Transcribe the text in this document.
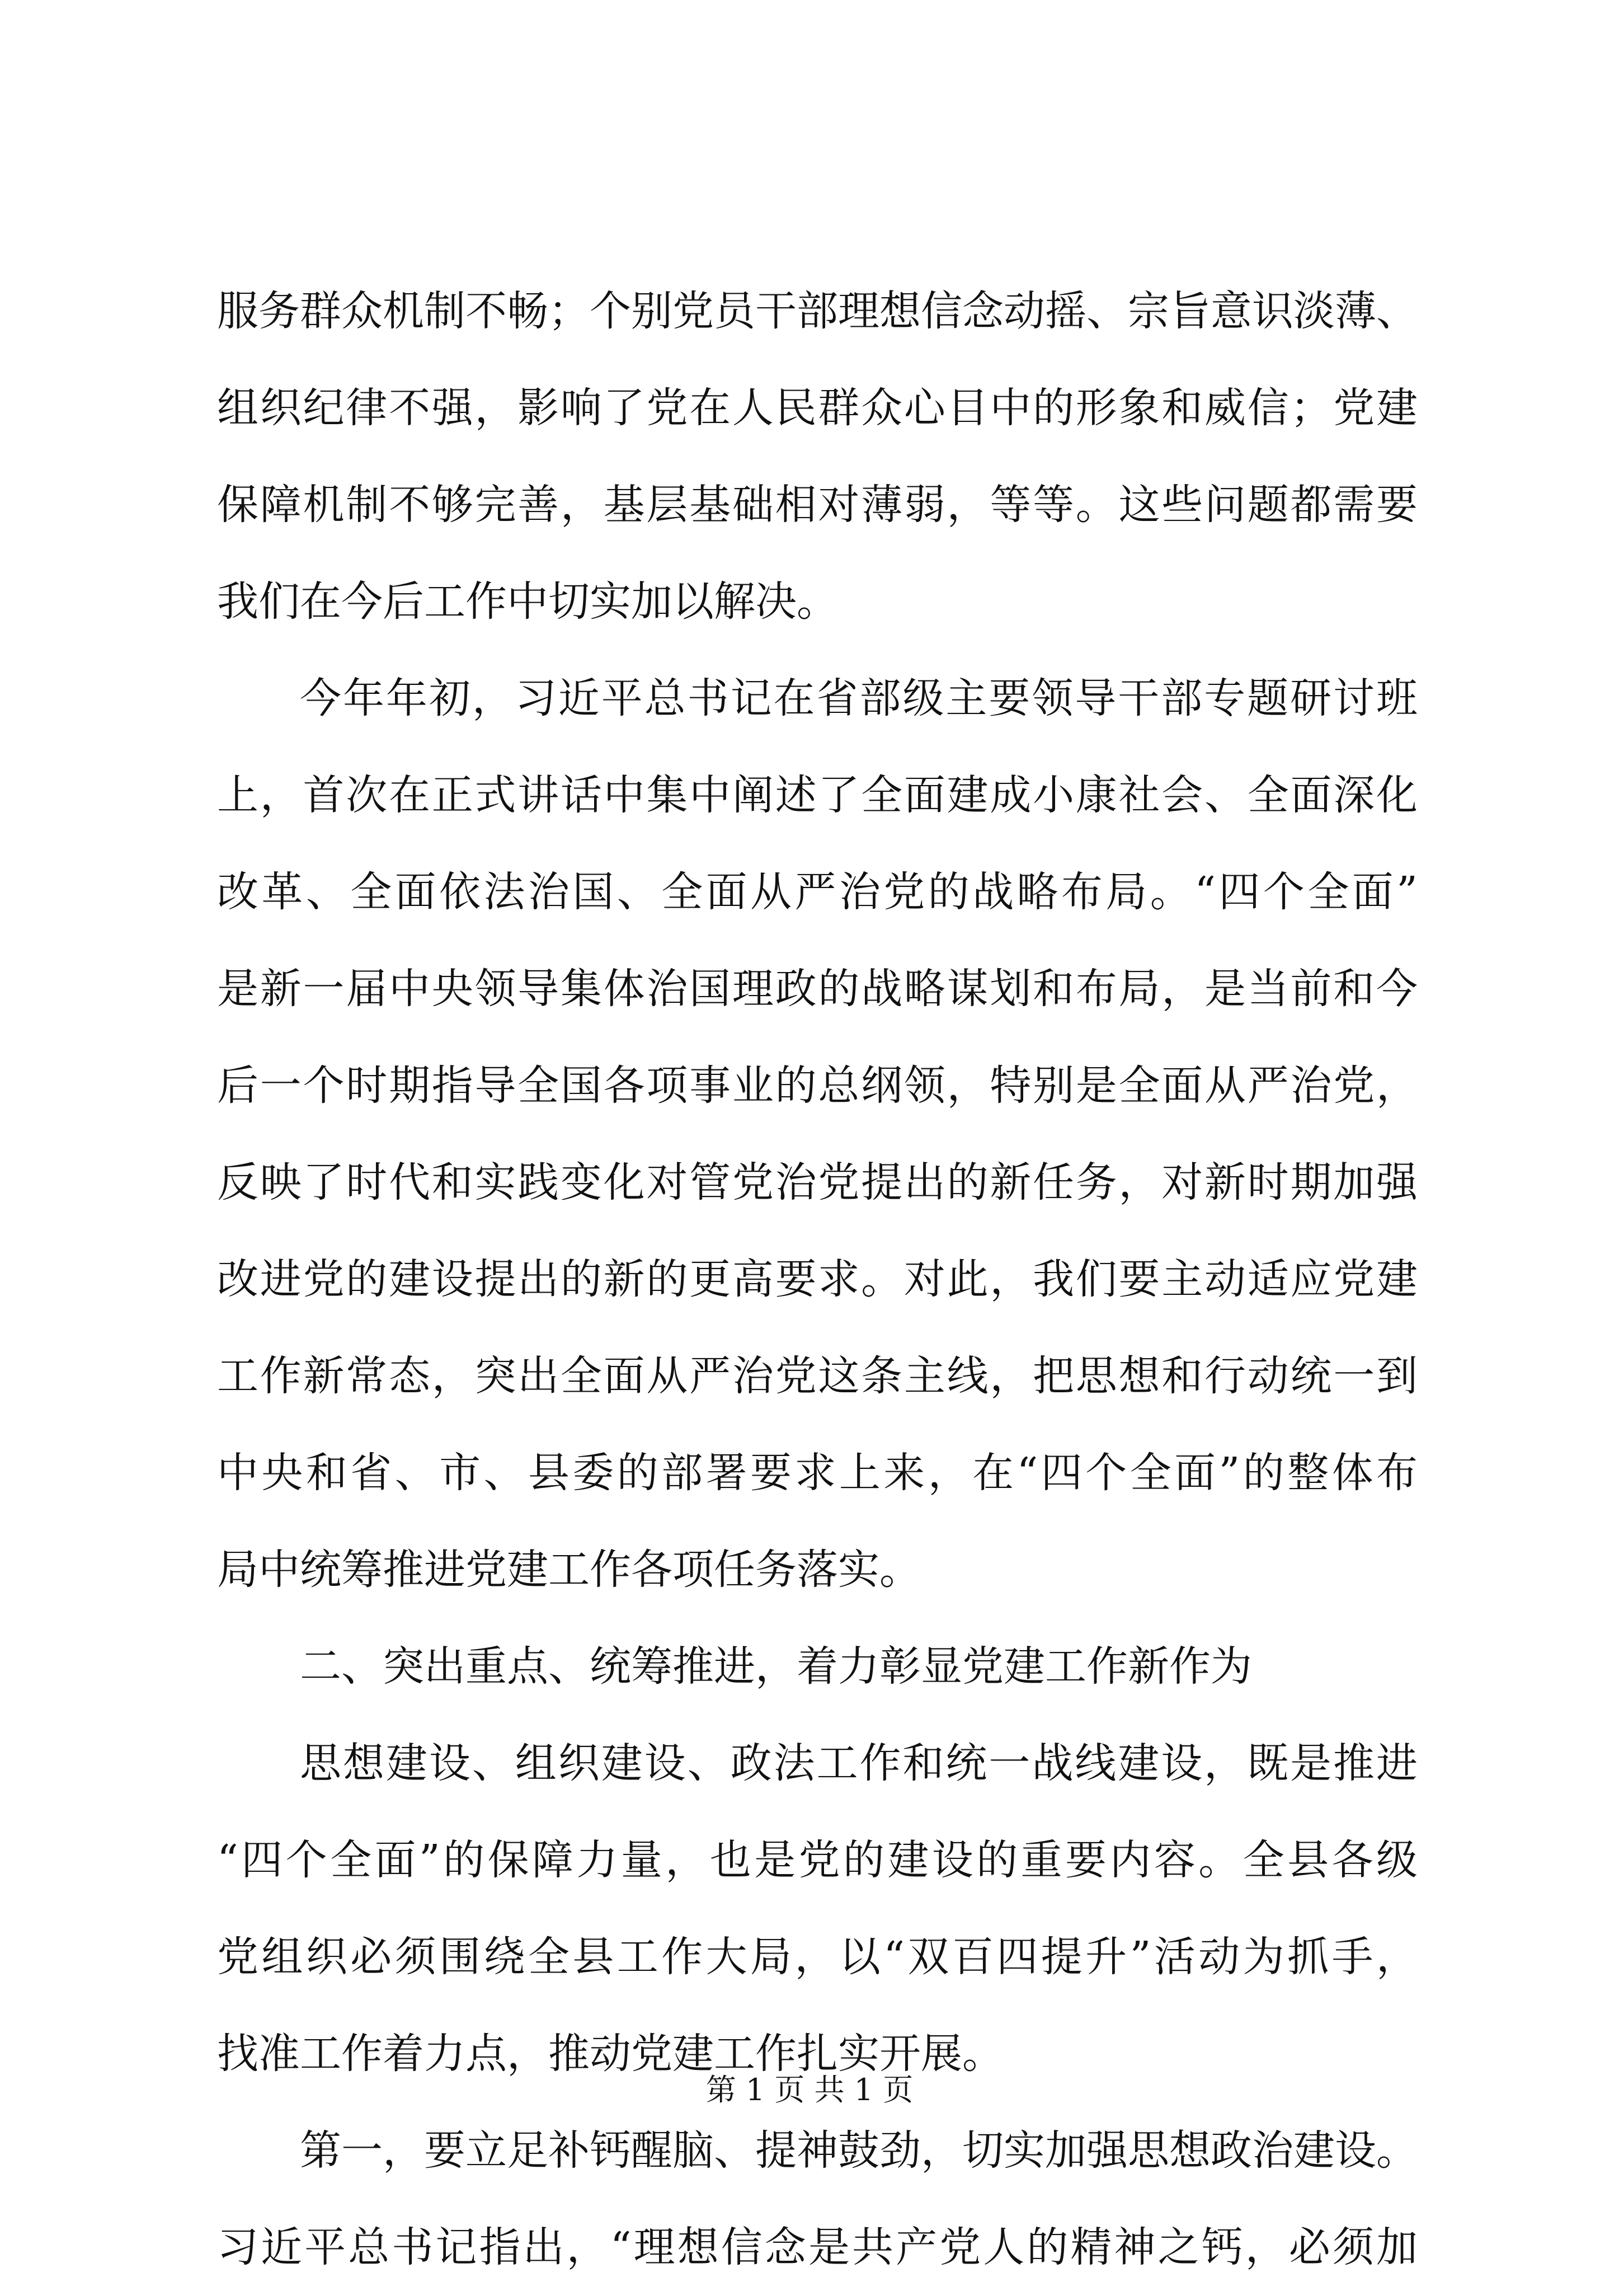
服务群众机制不畅；个别党员干部理想信念动摇、宗旨意识淡薄、
组织纪律不强，影响了党在人民群众心目中的形象和威信；党建
保障机制不够完善，基层基础相对薄弱，等等。这些问题都需要
我们在今后工作中切实加以解决。
今年年初，习近平总书记在省部级主要领导干部专题研讨班
上，首次在正式讲话中集中阐述了全面建成小康社会、全面深化
改革、全面依法治国、全面从严治党的战略布局。“四个全面”
是新一届中央领导集体治国理政的战略谋划和布局，是当前和今
后一个时期指导全国各项事业的总纲领，特别是全面从严治党，
反映了时代和实践变化对管党治党提出的新任务，对新时期加强
改进党的建设提出的新的更高要求。对此，我们要主动适应党建
工作新常态，突出全面从严治党这条主线，把思想和行动统一到
中央和省、市、县委的部署要求上来，在“四个全面”的整体布
局中统筹推进党建工作各项任务落实。
二、突出重点、统筹推进，着力彰显党建工作新作为
思想建设、组织建设、政法工作和统一战线建设，既是推进
“四个全面”的保障力量，也是党的建设的重要内容。全县各级
党组织必须围绕全县工作大局，以“双百四提升”活动为抓手，
找准工作着力点，推动党建工作扎实开展。
第一，要立足补钙醒脑、提神鼓劲，切实加强思想政治建设。
习近平总书记指出，“理想信念是共产党人的精神之钙，必须加
第 1 页 共 1 页
